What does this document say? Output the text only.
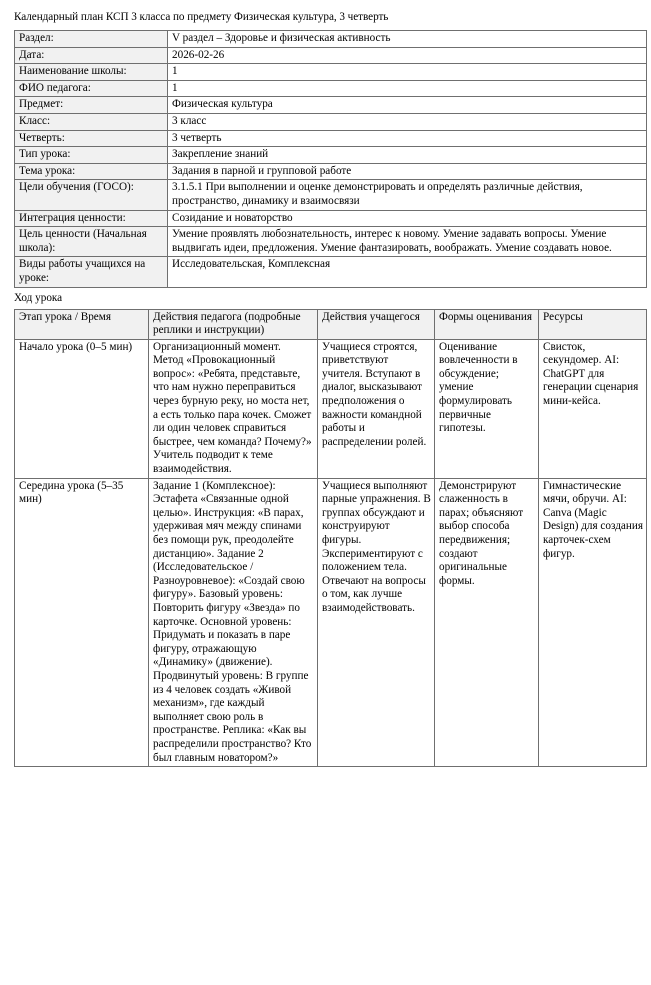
Календарный план КСП 3 класса по предмету Физическая культура, 3 четверть
Раздел:	V раздел – Здоровье и физическая активность
Дата:	2026-02-26
Наименование школы:	1
ФИО педагога:	1
Предмет:	Физическая культура
Класс:	3 класс
Четверть:	3 четверть
Тип урока:	Закрепление знаний
Тема урока:	Задания в парной и групповой работе
Цели обучения (ГОСО):	3.1.5.1 При выполнении и оценке демонстрировать и определять различные действия, пространство, динамику и взаимосвязи
Интеграция ценности:	Созидание и новаторство
Цель ценности (Начальная школа):	Умение проявлять любознательность, интерес к новому. Умение задавать вопросы. Умение выдвигать идеи, предложения. Умение фантазировать, воображать. Умение создавать новое.
Виды работы учащихся на уроке:	Исследовательская, Комплексная
Ход урока
Этап урока / Время	Действия педагога (подробные реплики и инструкции)	Действия учащегося	Формы оценивания	Ресурсы
Начало урока (0–5 мин)	Организационный момент. Метод «Провокационный вопрос»: «Ребята, представьте, что нам нужно переправиться через бурную реку, но моста нет, а есть только пара кочек. Сможет ли один человек справиться быстрее, чем команда? Почему?» Учитель подводит к теме взаимодействия.	Учащиеся строятся, приветствуют учителя. Вступают в диалог, высказывают предположения о важности командной работы и распределении ролей.	Оценивание вовлеченности в обсуждение; умение формулировать первичные гипотезы.	Свисток, секундомер. AI: ChatGPT для генерации сценария мини-кейса.
Середина урока (5–35 мин)	Задание 1 (Комплексное): Эстафета «Связанные одной целью». Инструкция: «В парах, удерживая мяч между спинами без помощи рук, преодолейте дистанцию». Задание 2 (Исследовательское / Разноуровневое): «Создай свою фигуру». Базовый уровень: Повторить фигуру «Звезда» по карточке. Основной уровень: Придумать и показать в паре фигуру, отражающую «Динамику» (движение). Продвинутый уровень: В группе из 4 человек создать «Живой механизм», где каждый выполняет свою роль в пространстве. Реплика: «Как вы распределили пространство? Кто был главным новатором?»	Учащиеся выполняют парные упражнения. В группах обсуждают и конструируют фигуры. Экспериментируют с положением тела. Отвечают на вопросы о том, как лучше взаимодействовать.	Демонстрируют слаженность в парах; объясняют выбор способа передвижения; создают оригинальные формы.	Гимнастические мячи, обручи. AI: Canva (Magic Design) для создания карточек-схем фигур.
